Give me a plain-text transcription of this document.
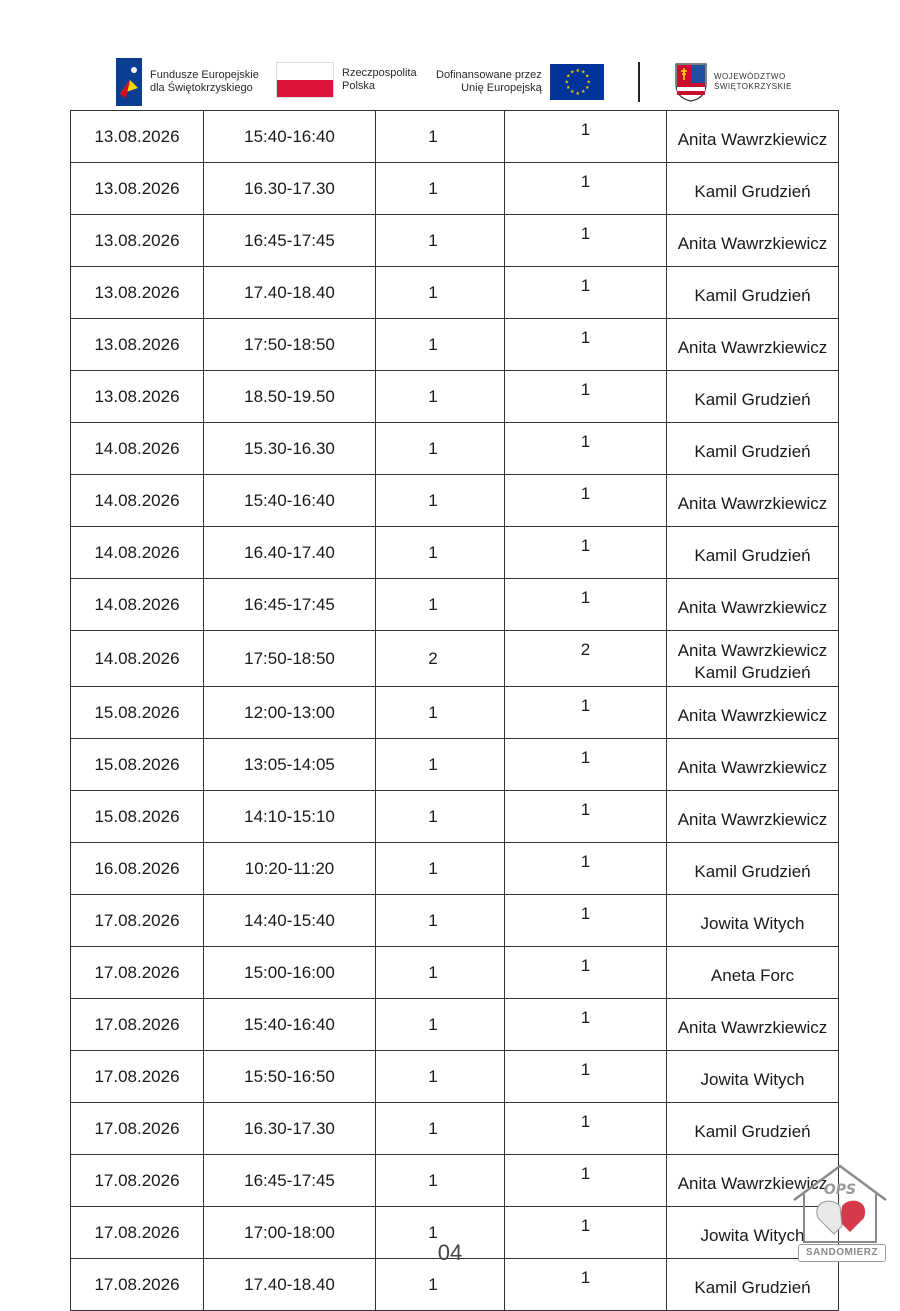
Fundusze Europejskie
dla Świętokrzyskiego
Rzeczpospolita
Polska
Dofinansowane przez
Unię Europejską
★ ★
★
★
★
★
★
★
★
★
★
★	WOJEWÓDZTWO
ŚWIĘTOKRZYSKIE
13.08.2026	15:40-16:40	1	1	Anita Wawrzkiewicz

13.08.2026	16.30-17.30	1	1	Kamil Grudzień

13.08.2026	16:45-17:45	1	1	Anita Wawrzkiewicz

13.08.2026	17.40-18.40	1	1	Kamil Grudzień

13.08.2026	17:50-18:50	1	1	Anita Wawrzkiewicz

13.08.2026	18.50-19.50	1	1	Kamil Grudzień

14.08.2026	15.30-16.30	1	1	Kamil Grudzień

14.08.2026	15:40-16:40	1	1	Anita Wawrzkiewicz

14.08.2026	16.40-17.40	1	1	Kamil Grudzień

14.08.2026	16:45-17:45	1	1	Anita Wawrzkiewicz

14.08.2026	17:50-18:50	2	2	Anita Wawrzkiewicz
Kamil Grudzień

15.08.2026	12:00-13:00	1	1	Anita Wawrzkiewicz

15.08.2026	13:05-14:05	1	1	Anita Wawrzkiewicz

15.08.2026	14:10-15:10	1	1	Anita Wawrzkiewicz

16.08.2026	10:20-11:20	1	1	Kamil Grudzień

17.08.2026	14:40-15:40	1	1	Jowita Witych

17.08.2026	15:00-16:00	1	1	Aneta Forc

17.08.2026	15:40-16:40	1	1	Anita Wawrzkiewicz

17.08.2026	15:50-16:50	1	1	Jowita Witych

17.08.2026	16.30-17.30	1	1	Kamil Grudzień

17.08.2026	16:45-17:45	1	1	Anita Wawrzkiewicz

17.08.2026	17:00-18:00	1	1	Jowita Witych

17.08.2026	17.40-18.40	1	1	Kamil Grudzień
04
OPS
SANDOMIERZ
